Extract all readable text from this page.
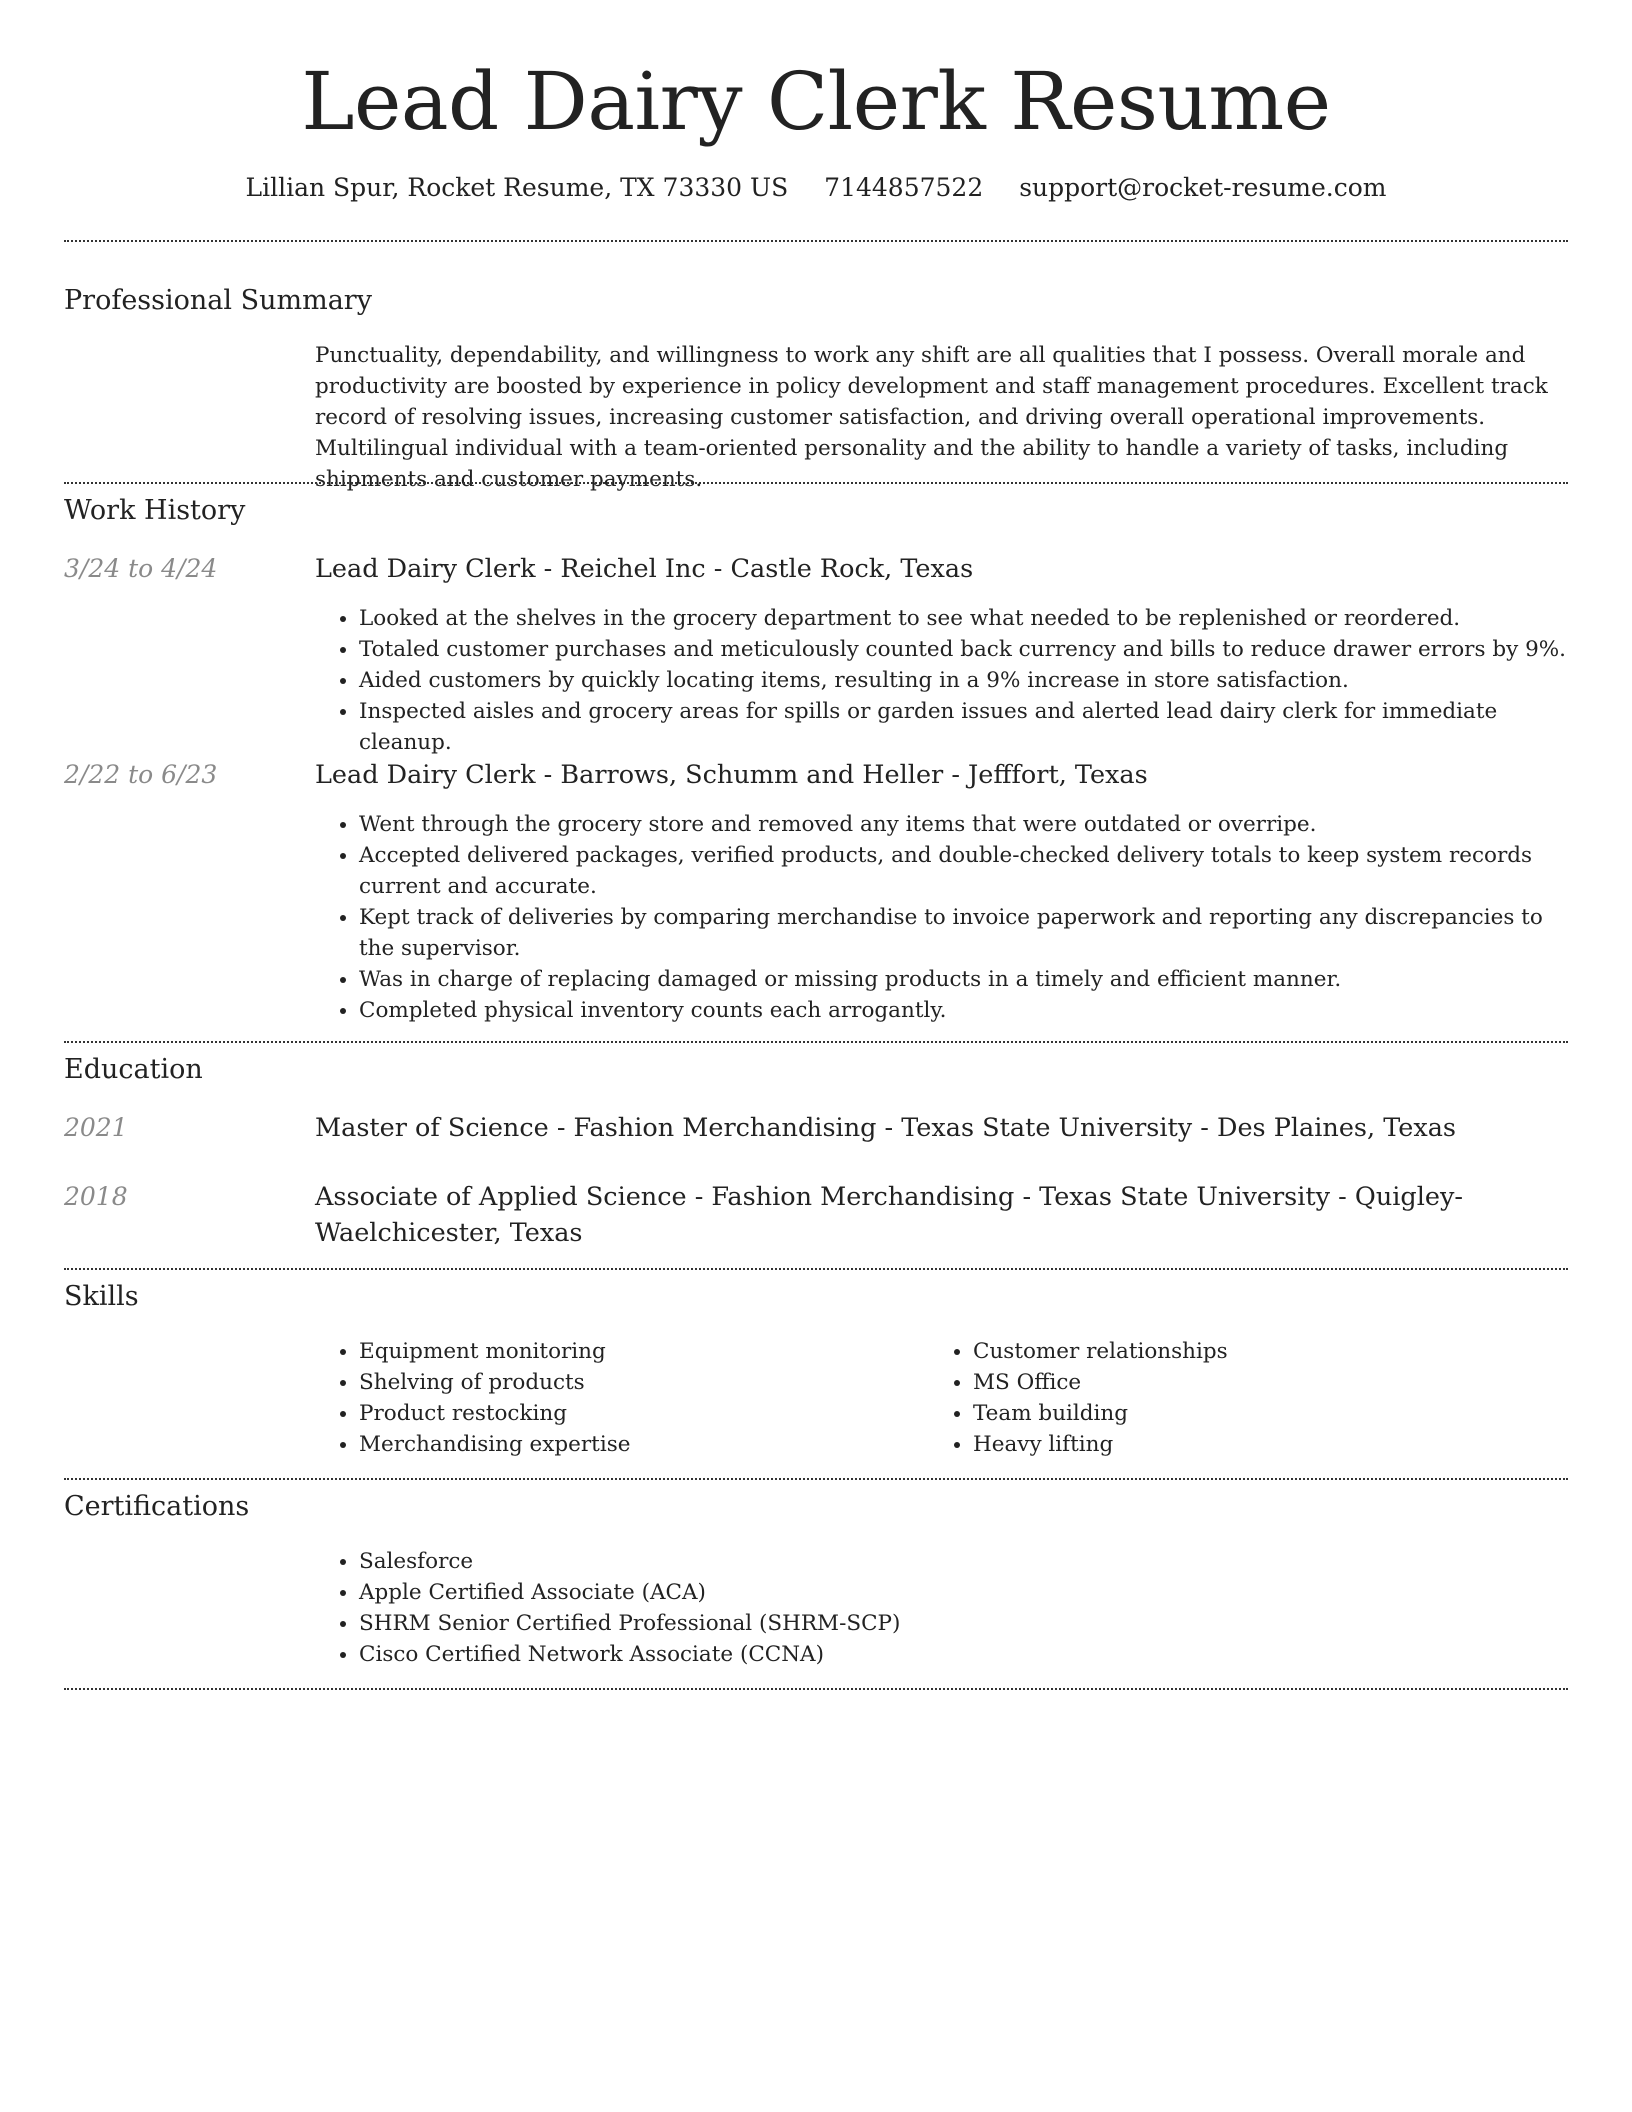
Lead Dairy Clerk Resume
Lillian Spur, Rocket Resume, TX 73330 US 7144857522 support@rocket-resume.com
Professional Summary

Punctuality, dependability, and willingness to work any shift are all qualities that I possess. Overall morale and productivity are boosted by experience in policy development and staff management procedures. Excellent track record of resolving issues, increasing customer satisfaction, and driving overall operational improvements. Multilingual individual with a team-oriented personality and the ability to handle a variety of tasks, including shipments and customer payments.

Work History
3/24 to 4/24	Lead Dairy Clerk - Reichel Inc - Castle Rock, Texas
• Looked at the shelves in the grocery department to see what needed to be replenished or reordered.
• Totaled customer purchases and meticulously counted back currency and bills to reduce drawer errors by 9%.
• Aided customers by quickly locating items, resulting in a 9% increase in store satisfaction.
• Inspected aisles and grocery areas for spills or garden issues and alerted lead dairy clerk for immediate cleanup.
2/22 to 6/23	Lead Dairy Clerk - Barrows, Schumm and Heller - Jefffort, Texas
• Went through the grocery store and removed any items that were outdated or overripe.
• Accepted delivered packages, verified products, and double-checked delivery totals to keep system records current and accurate.
• Kept track of deliveries by comparing merchandise to invoice paperwork and reporting any discrepancies to the supervisor.
• Was in charge of replacing damaged or missing products in a timely and efficient manner.
• Completed physical inventory counts each arrogantly.
Education
2021	Master of Science - Fashion Merchandising - Texas State University - Des Plaines, Texas
2018	Associate of Applied Science - Fashion Merchandising - Texas State University - Quigley-Waelchicester, Texas
Skills
• Equipment monitoring
• Shelving of products
• Product restocking
• Merchandising expertise
• Customer relationships
• MS Office
• Team building
• Heavy lifting
Certifications
• Salesforce
• Apple Certified Associate (ACA)
• SHRM Senior Certified Professional (SHRM-SCP)
• Cisco Certified Network Associate (CCNA)
